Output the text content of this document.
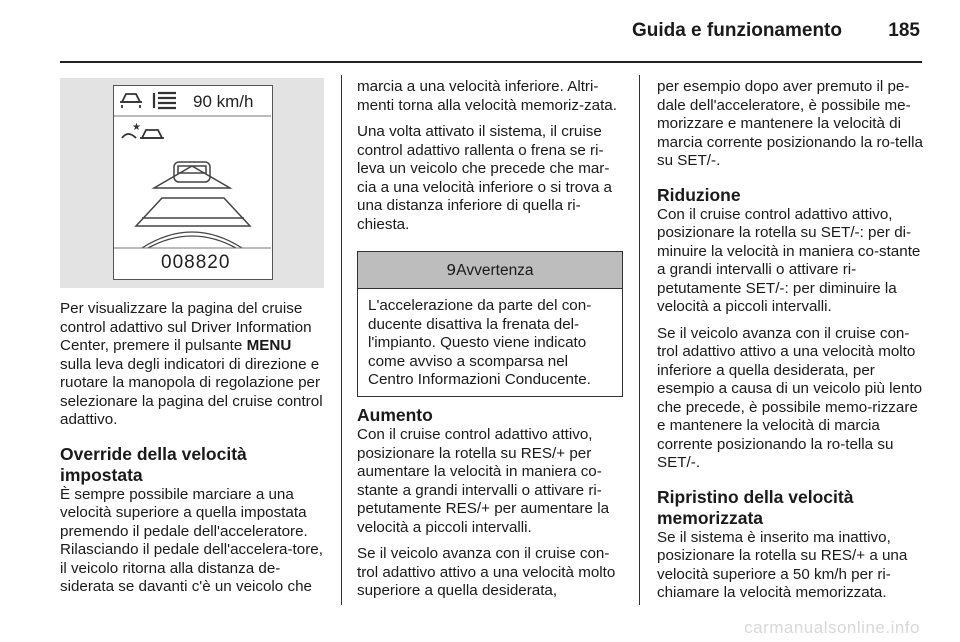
Guida e funzionamento 185
★
90 km/h
008820

Per visualizzare la pagina del cruise control adattivo sul Driver Information Center, premere il pulsante MENU sulla leva degli indicatori di direzione e ruotare la manopola di regolazione per selezionare la pagina del cruise control adattivo.

Override della velocità
impostata

È sempre possibile marciare a una velocità superiore a quella impostata premendo il pedale dell'acceleratore. Rilasciando il pedale dell'accelera-tore, il veicolo ritorna alla distanza de-siderata se davanti c'è un veicolo che

marcia a una velocità inferiore. Altri-menti torna alla velocità memoriz-zata.

Una volta attivato il sistema, il cruise control adattivo rallenta o frena se ri-leva un veicolo che precede che mar-cia a una velocità inferiore o si trova a una distanza inferiore di quella ri-chiesta.

9Avvertenza
L'accelerazione da parte del con-ducente disattiva la frenata del-l'impianto. Questo viene indicato come avviso a scomparsa nel Centro Informazioni Conducente.
Aumento

Con il cruise control adattivo attivo, posizionare la rotella su RES/+ per aumentare la velocità in maniera co-stante a grandi intervalli o attivare ri-petutamente RES/+ per aumentare la velocità a piccoli intervalli.

Se il veicolo avanza con il cruise con-trol adattivo attivo a una velocità molto superiore a quella desiderata,

per esempio dopo aver premuto il pe-dale dell'acceleratore, è possibile me-morizzare e mantenere la velocità di marcia corrente posizionando la ro-tella su SET/-.

Riduzione

Con il cruise control adattivo attivo, posizionare la rotella su SET/-: per di-minuire la velocità in maniera co-stante a grandi intervalli o attivare ri-petutamente SET/-: per diminuire la velocità a piccoli intervalli.

Se il veicolo avanza con il cruise con-trol adattivo attivo a una velocità molto inferiore a quella desiderata, per esempio a causa di un veicolo più lento che precede, è possibile memo-rizzare e mantenere la velocità di marcia corrente posizionando la ro-tella su SET/-.

Ripristino della velocità
memorizzata

Se il sistema è inserito ma inattivo, posizionare la rotella su RES/+ a una velocità superiore a 50 km/h per ri-chiamare la velocità memorizzata.

carmanualsonline.info
